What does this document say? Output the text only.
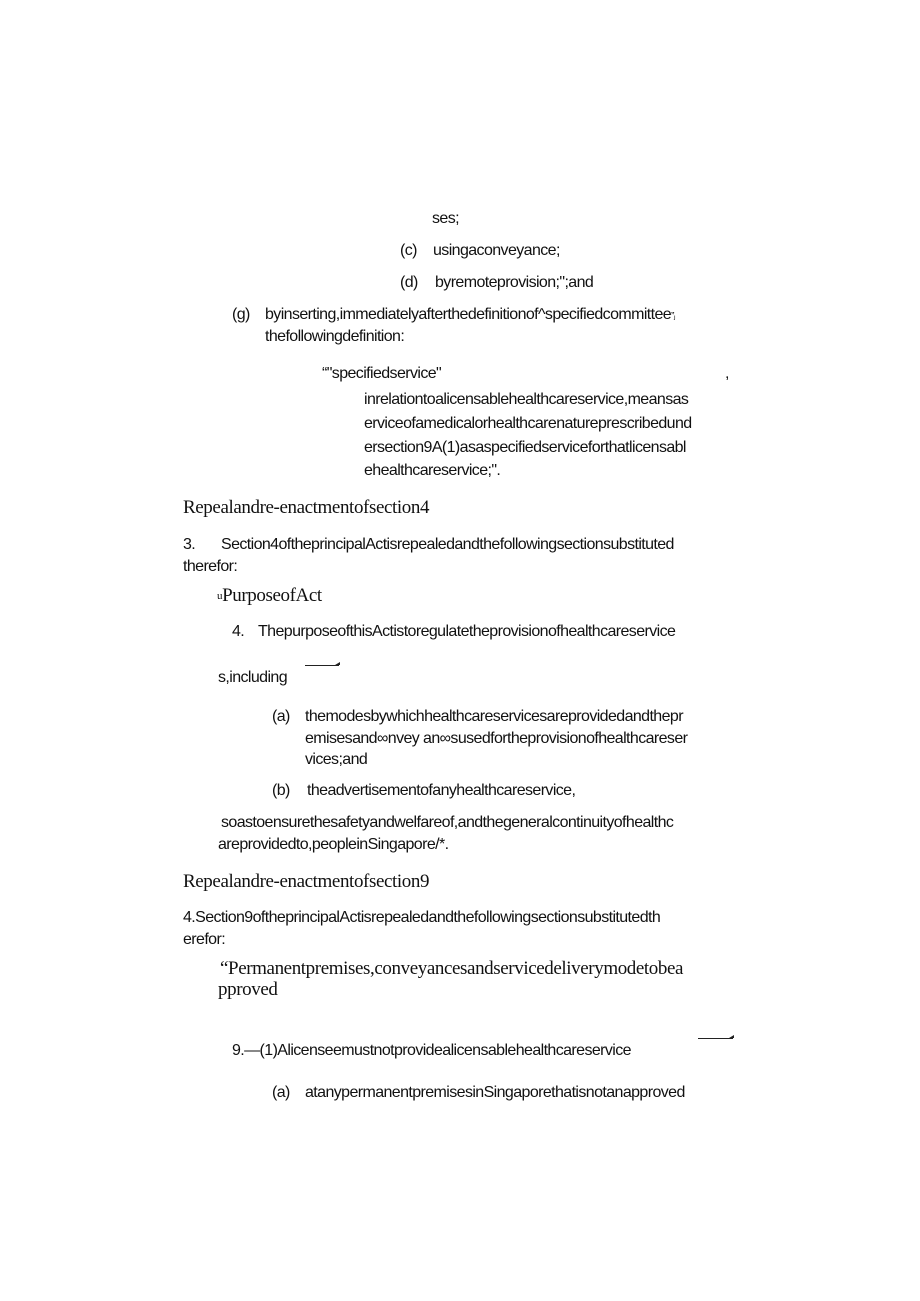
ses;
(c) usingaconveyance;
(d) byremoteprovision;";and
(g) byinserting,immediatelyafterthedefinitionof^specifiedcommittee”ⱼ
thefollowingdefinition:
“"specifiedservice"	,
inrelationtoalicensablehealthcareservice,meansas
erviceofamedicalorhealthcarenatureprescribedund
ersection9A(1)asaspecifiedserviceforthatlicensabl
ehealthcareservice;".
Repealandre-enactmentofsection4
3. Section4oftheprincipalActisrepealedandthefollowingsectionsubstituted
therefor:
$^u$PurposeofAct
4. ThepurposeofthisActistoregulatetheprovisionofhealthcareservice
s,including
(a) themodesbywhichhealthcareservicesareprovidedandthepr
emisesand∞nvey an∞susedfortheprovisionofhealthcareser
vices;and
(b) theadvertisementofanyhealthcareservice,
soastoensurethesafetyandwelfareof,andthegeneralcontinuityofhealthc
areprovidedto,peopleinSingapore/*.
Repealandre-enactmentofsection9
4.Section9oftheprincipalActisrepealedandthefollowingsectionsubstitutedth
erefor:
“Permanentpremises,conveyancesandservicedeliverymodetobea
pproved
9.—(1)Alicenseemustnotprovidealicensablehealthcareservice
(a) atanypermanentpremisesinSingaporethatisnotanapproved
